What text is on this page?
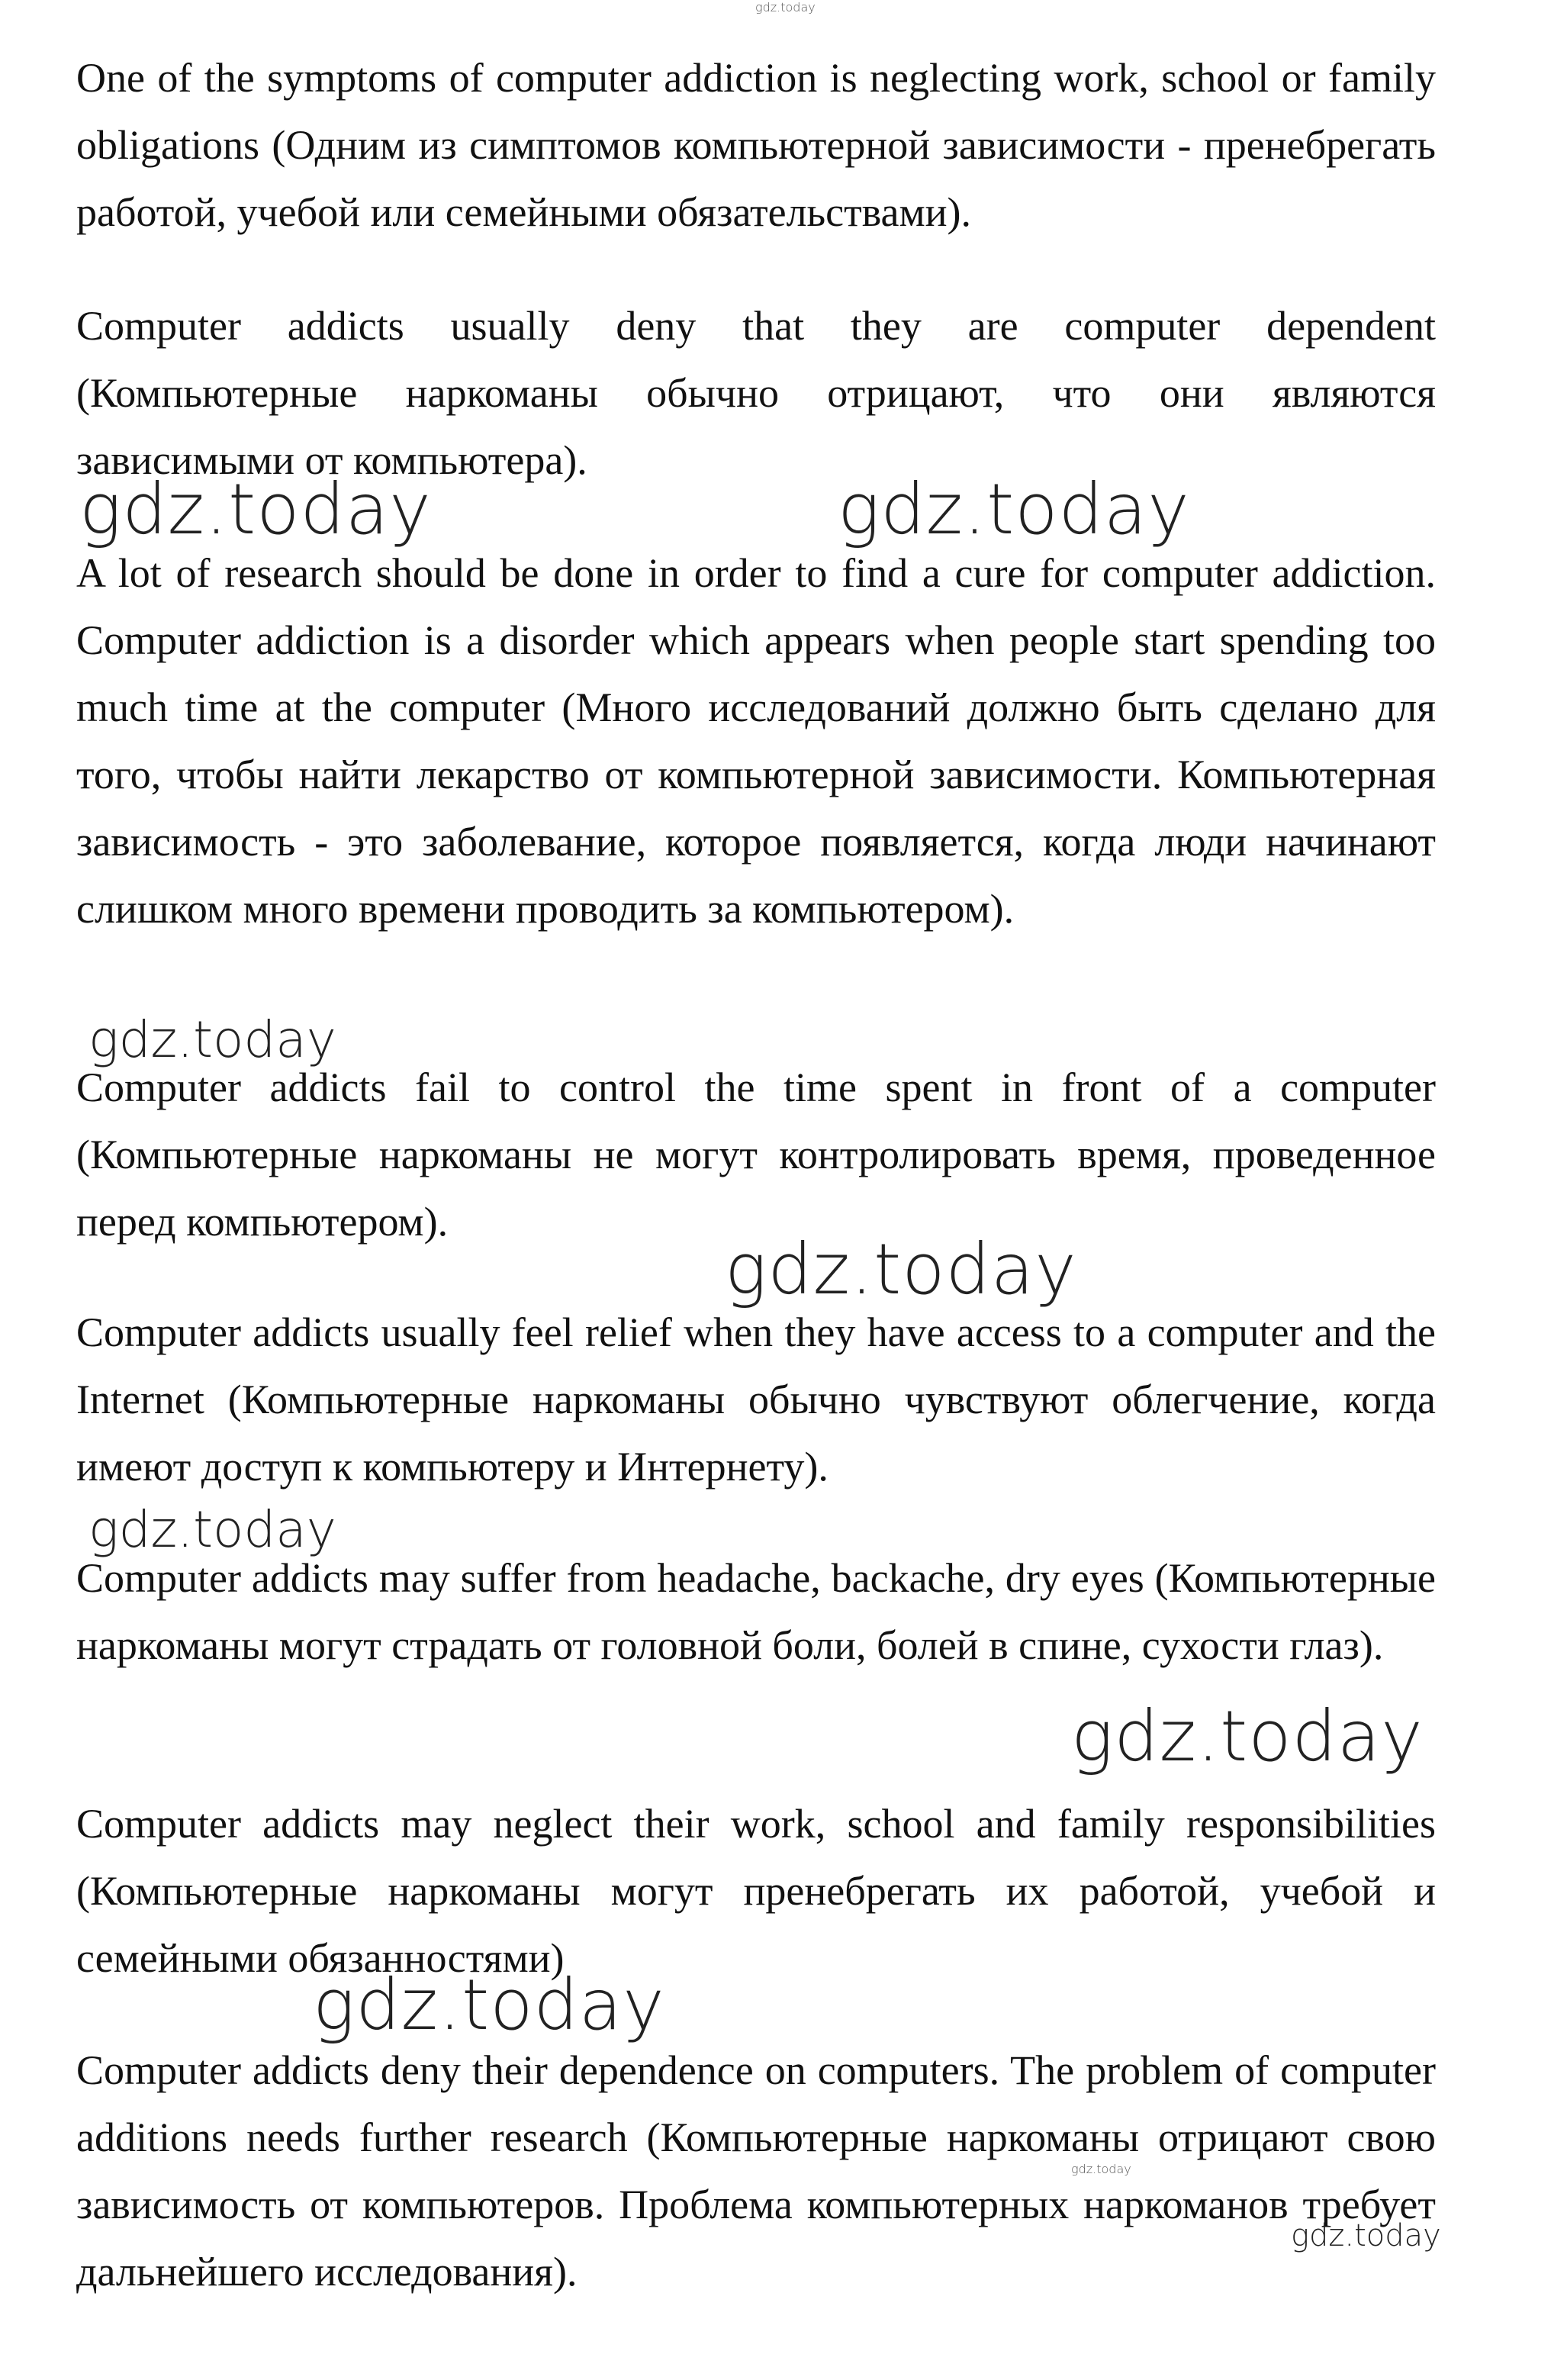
gdz.today

One of the symptoms of computer addiction is neglecting work, school or family obligations (Одним из симптомов компьютерной зависимости - пренебрегать работой, учебой или семейными обязательствами).

Computer addicts usually deny that they are computer dependent (Компьютерные наркоманы обычно отрицают, что они являются зависимыми от компьютера).

gdz.today	gdz.today

A lot of research should be done in order to find a cure for computer addiction. Computer addiction is a disorder which appears when people start spending too much time at the computer (Много исследований должно быть сделано для того, чтобы найти лекарство от компьютерной зависимости. Компьютерная зависимость - это заболевание, которое появляется, когда люди начинают слишком много времени проводить за компьютером).

gdz.today

Computer addicts fail to control the time spent in front of a computer (Компьютерные наркоманы не могут контролировать время, проведенное перед компьютером).

gdz.today

Computer addicts usually feel relief when they have access to a computer and the Internet (Компьютерные наркоманы обычно чувствуют облегчение, когда имеют доступ к компьютеру и Интернету).

gdz.today

Computer addicts may suffer from headache, backache, dry eyes (Компьютерные наркоманы могут страдать от головной боли, болей в спине, сухости глаз).

gdz.today

Computer addicts may neglect their work, school and family responsibilities (Компьютерные наркоманы могут пренебрегать их работой, учебой и семейными обязанностями)

gdz.today

Computer addicts deny their dependence on computers. The problem of computer additions needs further research (Компьютерные наркоманы отрицают свою зависимость от компьютеров. Проблема компьютерных наркоманов требует дальнейшего исследования).

gdz.today
gdz.today
